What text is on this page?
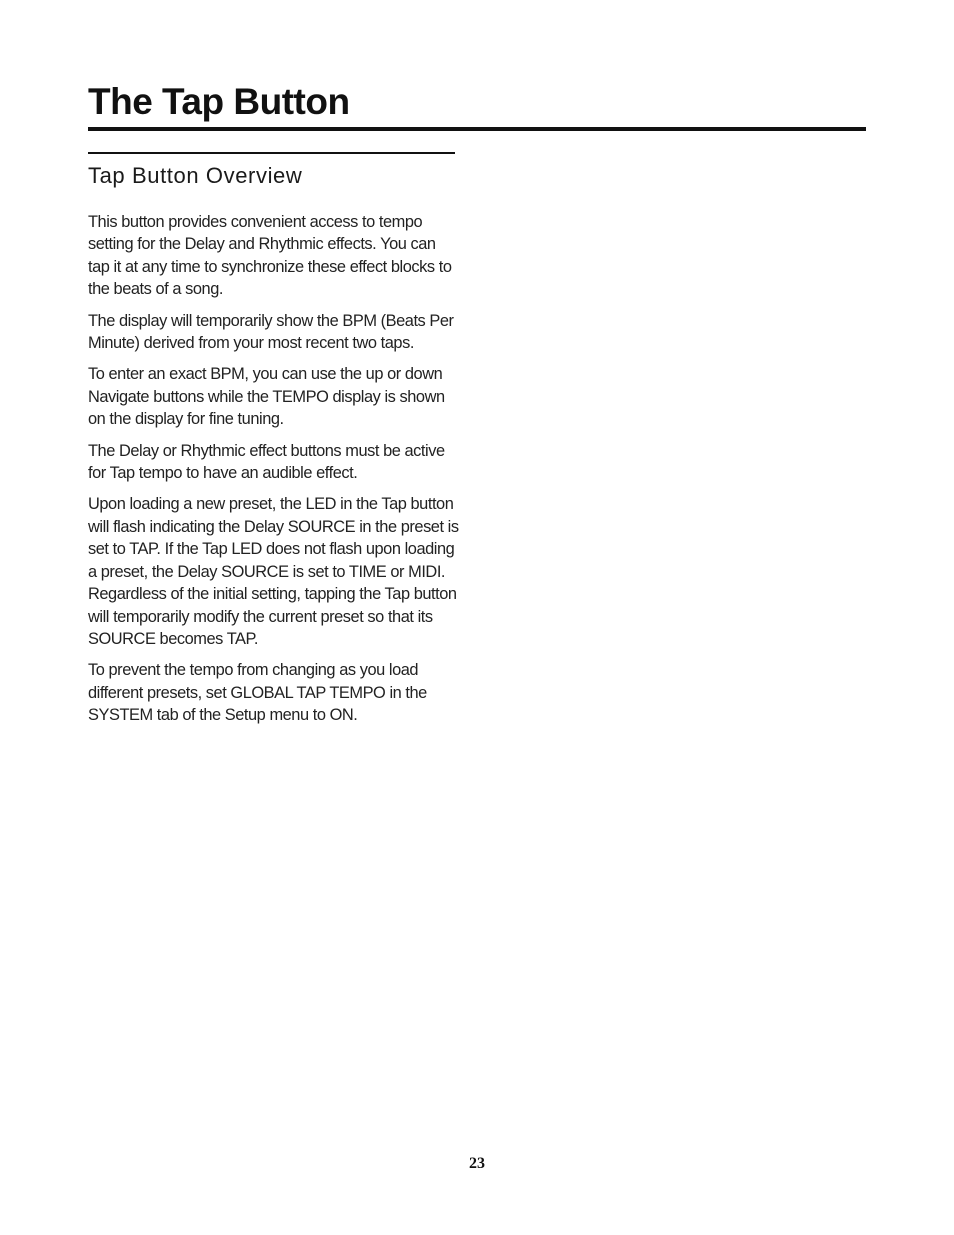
The Tap Button
Tap Button Overview

This button provides convenient access to tempo setting for the Delay and Rhythmic effects. You can tap it at any time to synchronize these effect blocks to the beats of a song.

The display will temporarily show the BPM (Beats Per Minute) derived from your most recent two taps.

To enter an exact BPM, you can use the up or down Navigate buttons while the TEMPO display is shown on the display for fine tuning.

The Delay or Rhythmic effect buttons must be active for Tap tempo to have an audible effect.

Upon loading a new preset, the LED in the Tap button will flash indicating the Delay SOURCE in the preset is set to TAP. If the Tap LED does not flash upon loading a preset, the Delay SOURCE is set to TIME or MIDI. Regardless of the initial setting, tapping the Tap button will temporarily modify the current preset so that its SOURCE becomes TAP.

To prevent the tempo from changing as you load different presets, set GLOBAL TAP TEMPO in the SYSTEM tab of the Setup menu to ON.

23
